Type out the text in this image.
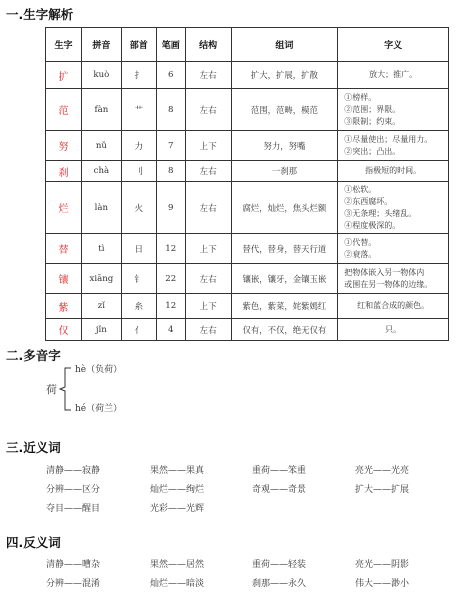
一.生字解析
生字	拼音	部首	笔画	结构	组词	字义
扩	kuò	扌	6	左右	扩大，扩展，扩散	放大；推广。

范	fàn	艹	8	左右	范围，范畴，模范	①榜样。
②范围；界限。
③限制；约束。

努	nǔ	力	7	上下	努力，努嘴	①尽量使出；尽量用力。
②突出；凸出。

刹	chà	刂	8	左右	一刹那	指极短的时间。

烂	làn	火	9	左右	腐烂，灿烂，焦头烂额	①松软。
②东西腐坏。
③无条理；头绪乱。
④程度极深的。

替	tì	日	12	上下	替代，替身，替天行道	①代替。
②衰落。

镶	xiāng	钅	22	左右	镶嵌，镶牙，金镶玉嵌	把物体嵌入另一物体内
或围在另一物体的边缘。

紫	zǐ	糸	12	上下	紫色，紫菜，姹紫嫣红	红和蓝合成的颜色。

仅	jǐn	亻	4	左右	仅有，不仅，绝无仅有	只。
二.多音字
荷
hè（负荷）
hé（荷兰）
三.近义词
清静——寂静	果然——果真	重荷——笨重	亮光——光亮
分辨——区分	灿烂——绚烂	奇观——奇景	扩大——扩展
夺目——醒目	光彩——光辉
四.反义词
清静——嘈杂	果然——居然	重荷——轻装	亮光——阴影
分辨——混淆	灿烂——暗淡	刹那——永久	伟大——渺小
